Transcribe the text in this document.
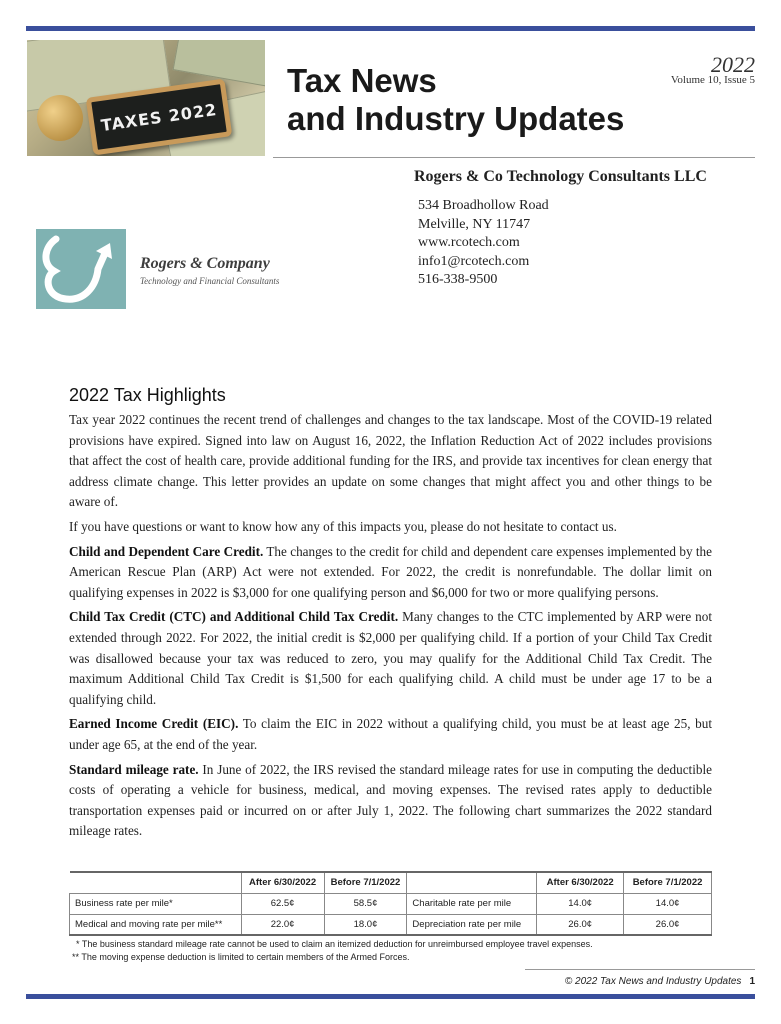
TAXES 2022
Tax News
and Industry Updates
2022
Volume 10, Issue 5
Rogers & Co Technology Consultants LLC
534 Broadhollow Road
Melville, NY 11747
www.rcotech.com
info1@rcotech.com
516-338-9500
Rogers & Company
Technology and Financial Consultants
2022 Tax Highlights

Tax year 2022 continues the recent trend of challenges and changes to the tax landscape. Most of the COVID-19 related provisions have expired. Signed into law on August 16, 2022, the Inflation Reduction Act of 2022 includes provisions that affect the cost of health care, provide additional funding for the IRS, and provide tax incentives for clean energy that address climate change. This letter provides an update on some changes that might affect you and other things to be aware of.

If you have questions or want to know how any of this impacts you, please do not hesitate to contact us.

Child and Dependent Care Credit. The changes to the credit for child and dependent care expenses implemented by the American Rescue Plan (ARP) Act were not extended. For 2022, the credit is nonrefundable. The dollar limit on qualifying expenses in 2022 is $3,000 for one qualifying person and $6,000 for two or more qualifying persons.

Child Tax Credit (CTC) and Additional Child Tax Credit. Many changes to the CTC implemented by ARP were not extended through 2022. For 2022, the initial credit is $2,000 per qualifying child. If a portion of your Child Tax Credit was disallowed because your tax was reduced to zero, you may qualify for the Additional Child Tax Credit. The maximum Additional Child Tax Credit is $1,500 for each qualifying child. A child must be under age 17 to be a qualifying child.

Earned Income Credit (EIC). To claim the EIC in 2022 without a qualifying child, you must be at least age 25, but under age 65, at the end of the year.

Standard mileage rate. In June of 2022, the IRS revised the standard mileage rates for use in computing the deductible costs of operating a vehicle for business, medical, and moving expenses. The revised rates apply to deductible transportation expenses paid or incurred on or after July 1, 2022. The following chart summarizes the 2022 standard mileage rates.

	After 6/30/2022	Before 7/1/2022		After 6/30/2022	Before 7/1/2022
Business rate per mile*	62.5¢	58.5¢	Charitable rate per mile	14.0¢	14.0¢
Medical and moving rate per mile**	22.0¢	18.0¢	Depreciation rate per mile	26.0¢	26.0¢
* The business standard mileage rate cannot be used to claim an itemized deduction for unreimbursed employee travel expenses.
** The moving expense deduction is limited to certain members of the Armed Forces.
© 2022 Tax News and Industry Updates 1
